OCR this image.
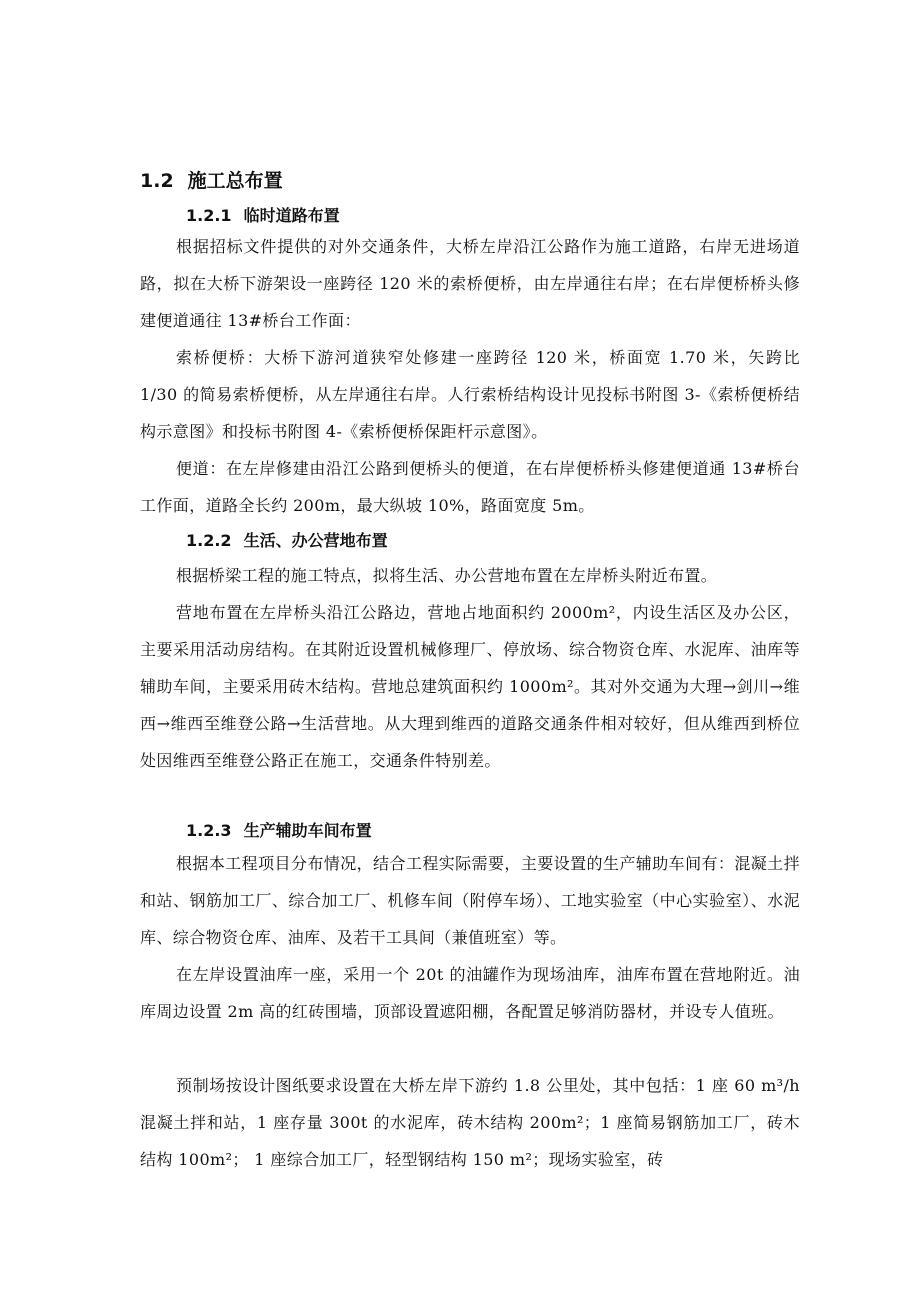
1.2 施工总布置
1.2.1 临时道路布置

根据招标文件提供的对外交通条件，大桥左岸沿江公路作为施工道路，右岸无进场道路，拟在大桥下游架设一座跨径 120 米的索桥便桥，由左岸通往右岸；在右岸便桥桥头修建便道通往 13#桥台工作面：

索桥便桥：大桥下游河道狭窄处修建一座跨径 120 米，桥面宽 1.70 米，矢跨比 1/30 的简易索桥便桥，从左岸通往右岸。人行索桥结构设计见投标书附图 3-《索桥便桥结构示意图》和投标书附图 4-《索桥便桥保距杆示意图》。

便道：在左岸修建由沿江公路到便桥头的便道，在右岸便桥桥头修建便道通 13#桥台工作面，道路全长约 200m，最大纵坡 10%，路面宽度 5m。

1.2.2 生活、办公营地布置

根据桥梁工程的施工特点，拟将生活、办公营地布置在左岸桥头附近布置。

营地布置在左岸桥头沿江公路边，营地占地面积约 2000m²，内设生活区及办公区，主要采用活动房结构。在其附近设置机械修理厂、停放场、综合物资仓库、水泥库、油库等辅助车间，主要采用砖木结构。营地总建筑面积约 1000m²。其对外交通为大理→剑川→维西→维西至维登公路→生活营地。从大理到维西的道路交通条件相对较好，但从维西到桥位处因维西至维登公路正在施工，交通条件特别差。

1.2.3 生产辅助车间布置

根据本工程项目分布情况，结合工程实际需要，主要设置的生产辅助车间有：混凝土拌和站、钢筋加工厂、综合加工厂、机修车间（附停车场）、工地实验室（中心实验室）、水泥库、综合物资仓库、油库、及若干工具间（兼值班室）等。

在左岸设置油库一座，采用一个 20t 的油罐作为现场油库，油库布置在营地附近。油库周边设置 2m 高的红砖围墙，顶部设置遮阳棚，各配置足够消防器材，并设专人值班。

预制场按设计图纸要求设置在大桥左岸下游约 1.8 公里处，其中包括：1 座 60 m³/h 混凝土拌和站，1 座存量 300t 的水泥库，砖木结构 200m²；1 座简易钢筋加工厂，砖木结构 100m²； 1 座综合加工厂，轻型钢结构 150 m²；现场实验室，砖
